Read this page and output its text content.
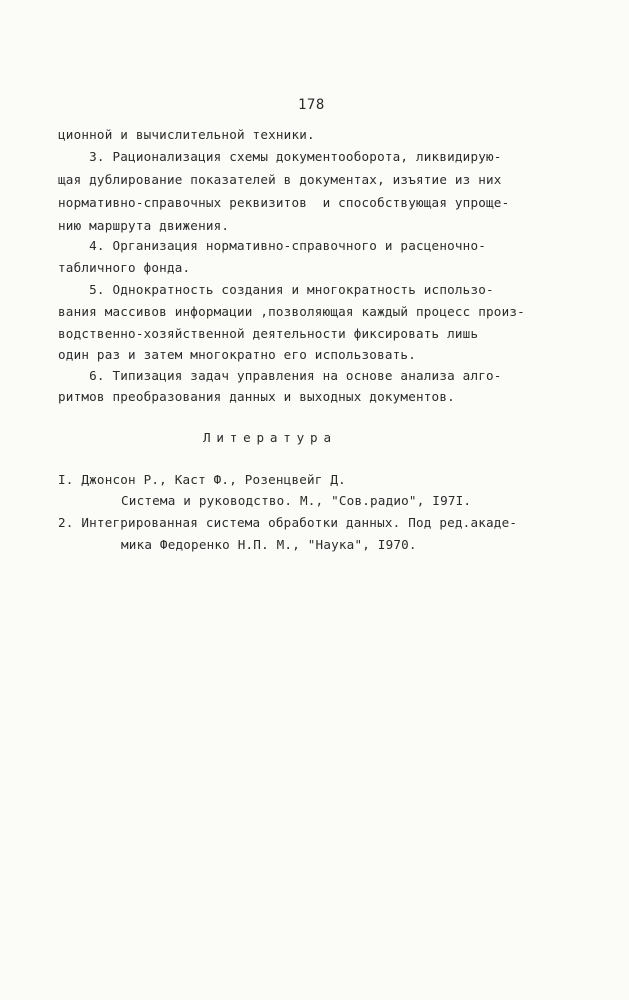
178
ционной и вычислительной техники.
3. Рационализация схемы документооборота, ликвидирую-
щая дублирование показателей в документах, изъятие из них
нормативно-справочных реквизитов  и способствующая упроще-
нию маршрута движения.
4. Организация нормативно-справочного и расценочно-
табличного фонда.
5. Однократность создания и многократность использо-
вания массивов информации ,позволяющая каждый процесс произ-
водственно-хозяйственной деятельности фиксировать лишь
один раз и затем многократно его использовать.
6. Типизация задач управления на основе анализа алго-
ритмов преобразования данных и выходных документов.
Литература
I. Джонсон Р., Каст Ф., Розенцвейг Д.
Система и руководство. М., "Сов.радио", I97I.
2. Интегрированная система обработки данных. Под ред.акаде-
мика Федоренко Н.П. М., "Наука", I970.
